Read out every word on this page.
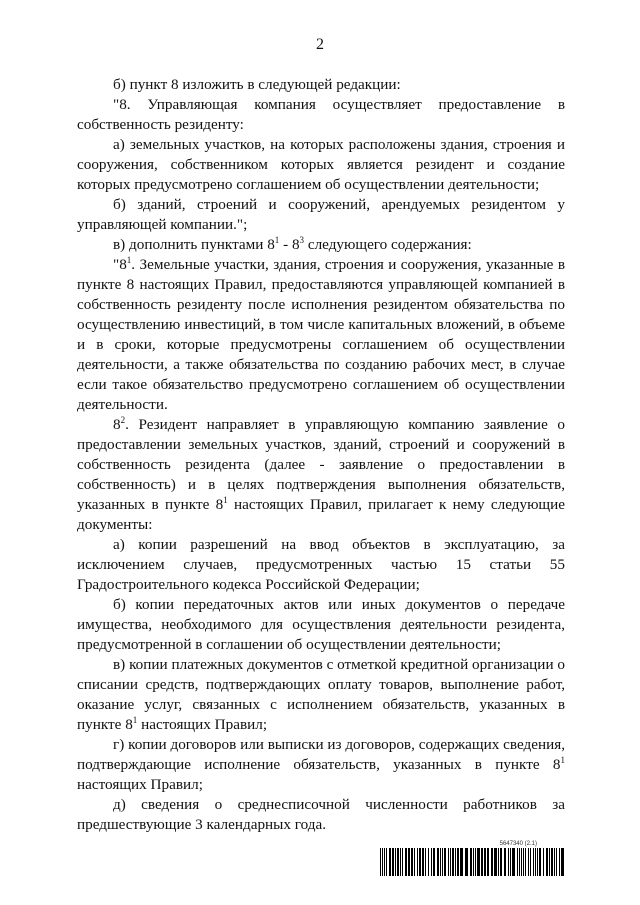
2

б) пункт 8 изложить в следующей редакции:

"8. Управляющая компания осуществляет предоставление в собственность резиденту:

а) земельных участков, на которых расположены здания, строения и сооружения, собственником которых является резидент и создание которых предусмотрено соглашением об осуществлении деятельности;

б) зданий, строений и сооружений, арендуемых резидентом у управляющей компании.";

в) дополнить пунктами $8^1 - 8^3$ следующего содержания:

"$8^1$. Земельные участки, здания, строения и сооружения, указанные в пункте 8 настоящих Правил, предоставляются управляющей компанией в собственность резиденту после исполнения резидентом обязательства по осуществлению инвестиций, в том числе капитальных вложений, в объеме и в сроки, которые предусмотрены соглашением об осуществлении деятельности, а также обязательства по созданию рабочих мест, в случае если такое обязательство предусмотрено соглашением об осуществлении деятельности.

$8^2$. Резидент направляет в управляющую компанию заявление о предоставлении земельных участков, зданий, строений и сооружений в собственность резидента (далее - заявление о предоставлении в собственность) и в целях подтверждения выполнения обязательств, указанных в пункте $8^1$ настоящих Правил, прилагает к нему следующие документы:

а) копии разрешений на ввод объектов в эксплуатацию, за исключением случаев, предусмотренных частью 15 статьи 55 Градостроительного кодекса Российской Федерации;

б) копии передаточных актов или иных документов о передаче имущества, необходимого для осуществления деятельности резидента, предусмотренной в соглашении об осуществлении деятельности;

в) копии платежных документов с отметкой кредитной организации о списании средств, подтверждающих оплату товаров, выполнение работ, оказание услуг, связанных с исполнением обязательств, указанных в пункте $8^1$ настоящих Правил;

г) копии договоров или выписки из договоров, содержащих сведения, подтверждающие исполнение обязательств, указанных в пункте $8^1$ настоящих Правил;

д) сведения о среднесписочной численности работников за предшествующие 3 календарных года.

5647340 (2.1)
